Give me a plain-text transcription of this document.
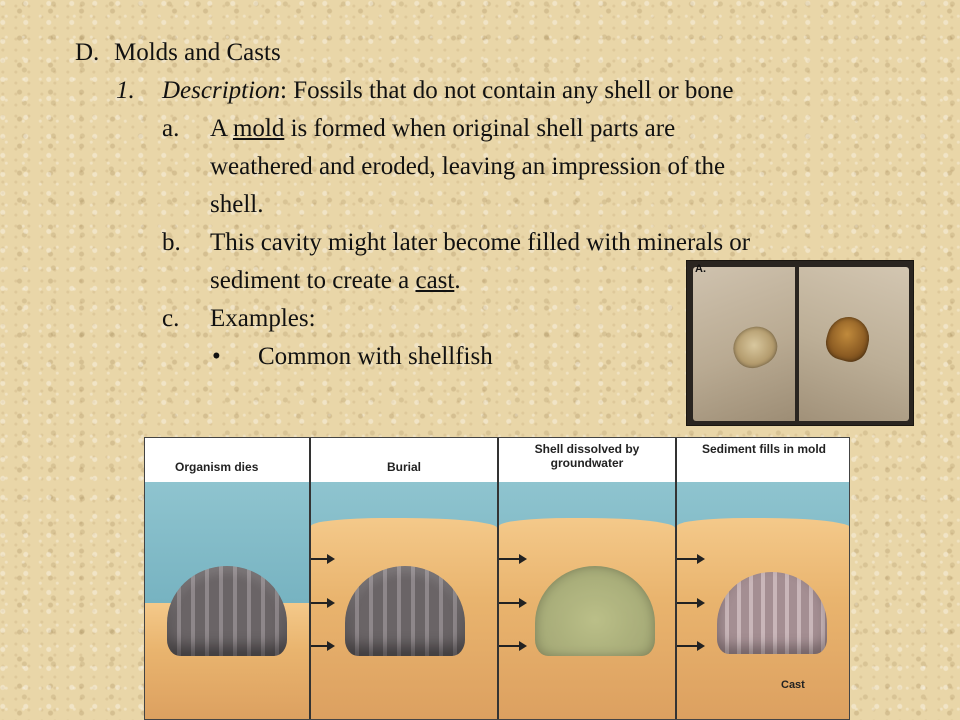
D. Molds and Casts
1. Description: Fossils that do not contain any shell or bone
a. A mold is formed when original shell parts are
weathered and eroded, leaving an impression of the
shell.
b. This cavity might later become filled with minerals or
sediment to create a cast.
c. Examples:
• Common with shellfish
A.
Organism dies	Burial
Shell dissolved by groundwater
Sediment fills in mold
Cast
